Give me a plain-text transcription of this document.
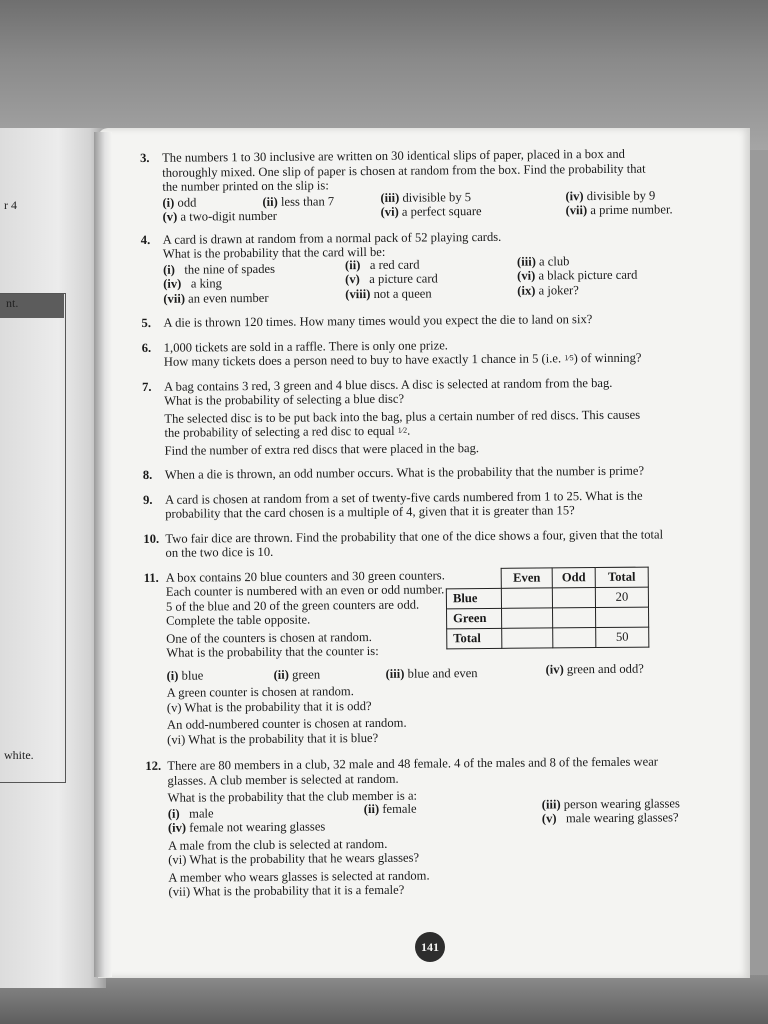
r 4
nt.
white.
3. The numbers 1 to 30 inclusive are written on 30 identical slips of paper, placed in a box and
thoroughly mixed. One slip of paper is chosen at random from the box. Find the probability that
the number printed on the slip is:
(i) odd	(ii) less than 7	(iii) divisible by 5	(iv) divisible by 9
(v) a two-digit number	(vi) a perfect square	(vii) a prime number.
4. A card is drawn at random from a normal pack of 52 playing cards.
What is the probability that the card will be:
(i) the nine of spades	(ii) a red card	(iii) a club
(iv) a king	(v) a picture card	(vi) a black picture card
(vii) an even number	(viii) not a queen	(ix) a joker?
5. A die is thrown 120 times. How many times would you expect the die to land on six?
6. 1,000 tickets are sold in a raffle. There is only one prize.
How many tickets does a person need to buy to have exactly 1 chance in 5 (i.e. 1⁄5) of winning?
7. A bag contains 3 red, 3 green and 4 blue discs. A disc is selected at random from the bag.
What is the probability of selecting a blue disc?
The selected disc is to be put back into the bag, plus a certain number of red discs. This causes
the probability of selecting a red disc to equal 1⁄2.
Find the number of extra red discs that were placed in the bag.
8. When a die is thrown, an odd number occurs. What is the probability that the number is prime?
9. A card is chosen at random from a set of twenty-five cards numbered from 1 to 25. What is the
probability that the card chosen is a multiple of 4, given that it is greater than 15?
10. Two fair dice are thrown. Find the probability that one of the dice shows a four, given that the total
on the two dice is 10.
11. A box contains 20 blue counters and 30 green counters.
Each counter is numbered with an even or odd number.
5 of the blue and 20 of the green counters are odd.
Complete the table opposite.
One of the counters is chosen at random.
What is the probability that the counter is:
	Even	Odd	Total
Blue			20
Green			
Total			50
(i) blue	(ii) green	(iii) blue and even	(iv) green and odd?
A green counter is chosen at random.
(v) What is the probability that it is odd?
An odd-numbered counter is chosen at random.
(vi) What is the probability that it is blue?
12. There are 80 members in a club, 32 male and 48 female. 4 of the males and 8 of the females wear
glasses. A club member is selected at random.
What is the probability that the club member is a:
(i) male	(ii) female	(iii) person wearing glasses
(iv) female not wearing glasses
(v) male wearing glasses?
A male from the club is selected at random.
(vi) What is the probability that he wears glasses?
A member who wears glasses is selected at random.
(vii) What is the probability that it is a female?
141
